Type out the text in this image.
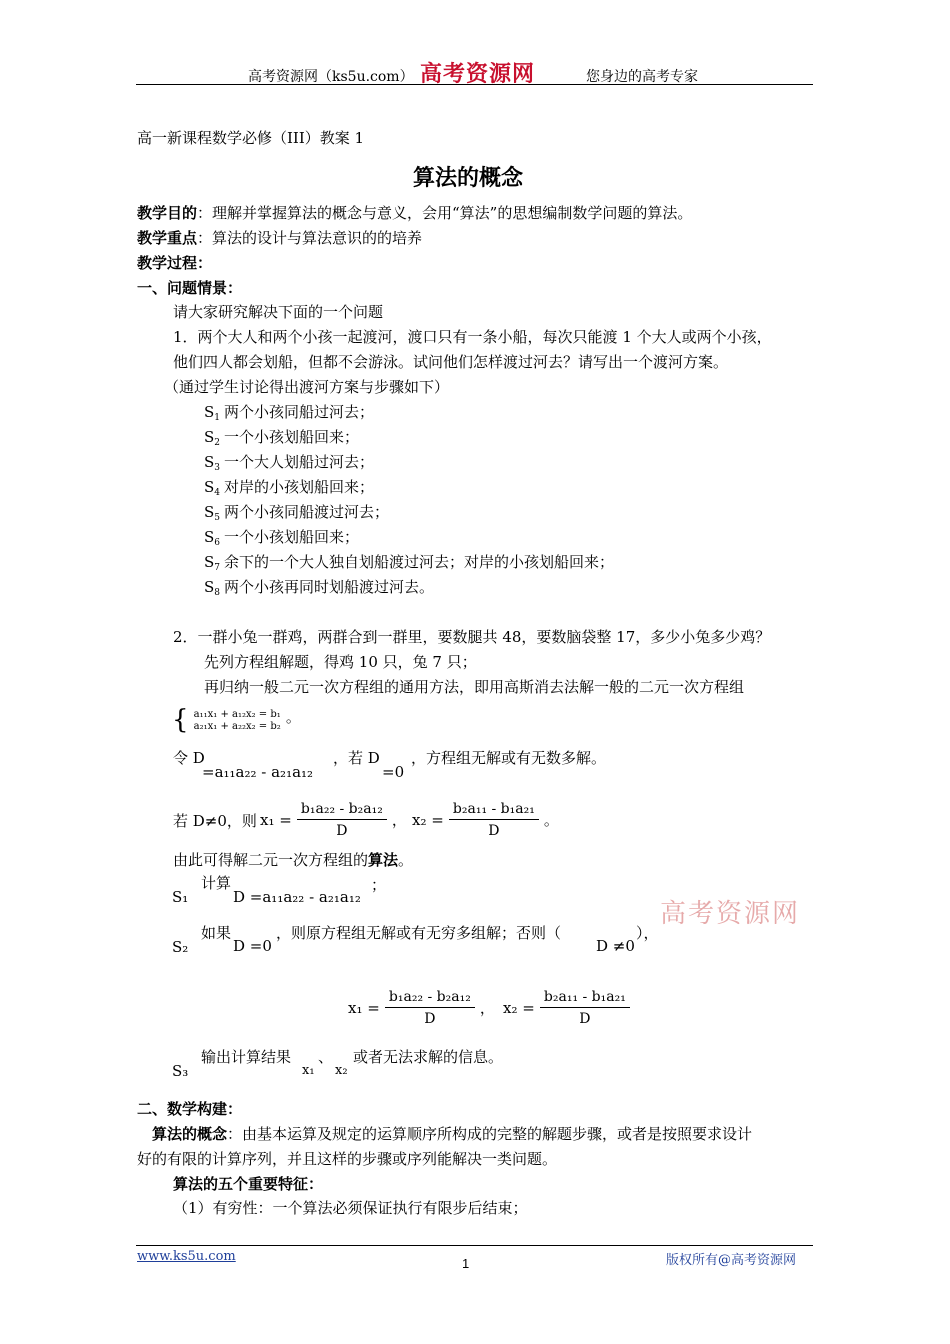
高考资源网（ks5u.com） 高考资源网	您身边的高考专家
高一新课程数学必修（III）教案 1
算法的概念
教学目的：理解并掌握算法的概念与意义，会用“算法”的思想编制数学问题的算法。
教学重点：算法的设计与算法意识的的培养
教学过程：
一、问题情景：
请大家研究解决下面的一个问题
1．两个大人和两个小孩一起渡河，渡口只有一条小船，每次只能渡 1 个大人或两个小孩，
他们四人都会划船，但都不会游泳。试问他们怎样渡过河去？请写出一个渡河方案。
（通过学生讨论得出渡河方案与步骤如下）
$S_1$ 两个小孩同船过河去；
$S_2$ 一个小孩划船回来；
$S_3$ 一个大人划船过河去；
$S_4$ 对岸的小孩划船回来；
$S_5$ 两个小孩同船渡过河去；
$S_6$ 一个小孩划船回来；
$S_7$ 余下的一个大人独自划船渡过河去；对岸的小孩划船回来；
$S_8$ 两个小孩再同时划船渡过河去。
2．一群小兔一群鸡，两群合到一群里，要数腿共 48，要数脑袋整 17，多少小兔多少鸡？
先列方程组解题，得鸡 10 只，兔 7 只；
再归纳一般二元一次方程组的通用方法，即用高斯消去法解一般的二元一次方程组
{ a₁₁x₁ + a₁₂x₂ = b₁
a₂₁x₁ + a₂₂x₂ = b₂
。
令 D
=a₁₁a₂₂ - a₂₁a₁₂
，若 D
=0
，方程组无解或有无数多解。
若 D≠0，则 $x_1 = \frac{\text{b₁a₂₂ - b₂a₁₂}}{D}$ ， $x_2 = \frac{\text{b₂a₁₁ - b₁a₂₁}}{D}$ 。
由此可得解二元一次方程组的算法。
S₁
计算
D =a₁₁a₂₂ - a₂₁a₁₂
；
S₂
如果
D =0
，则原方程组无解或有无穷多组解；否则（
D ≠0
），
$x_1 = \frac{\text{b₁a₂₂ - b₂a₁₂}}{D}$ ， $x_2 = \frac{\text{b₂a₁₁ - b₁a₂₁}}{D}$
S₃
输出计算结果
x₁
、
x₂
或者无法求解的信息。
二、数学构建：
算法的概念：由基本运算及规定的运算顺序所构成的完整的解题步骤，或者是按照要求设计
好的有限的计算序列，并且这样的步骤或序列能解决一类问题。
算法的五个重要特征：
（1）有穷性：一个算法必须保证执行有限步后结束；
高考资源网
www.ks5u.com	1	版权所有@高考资源网
